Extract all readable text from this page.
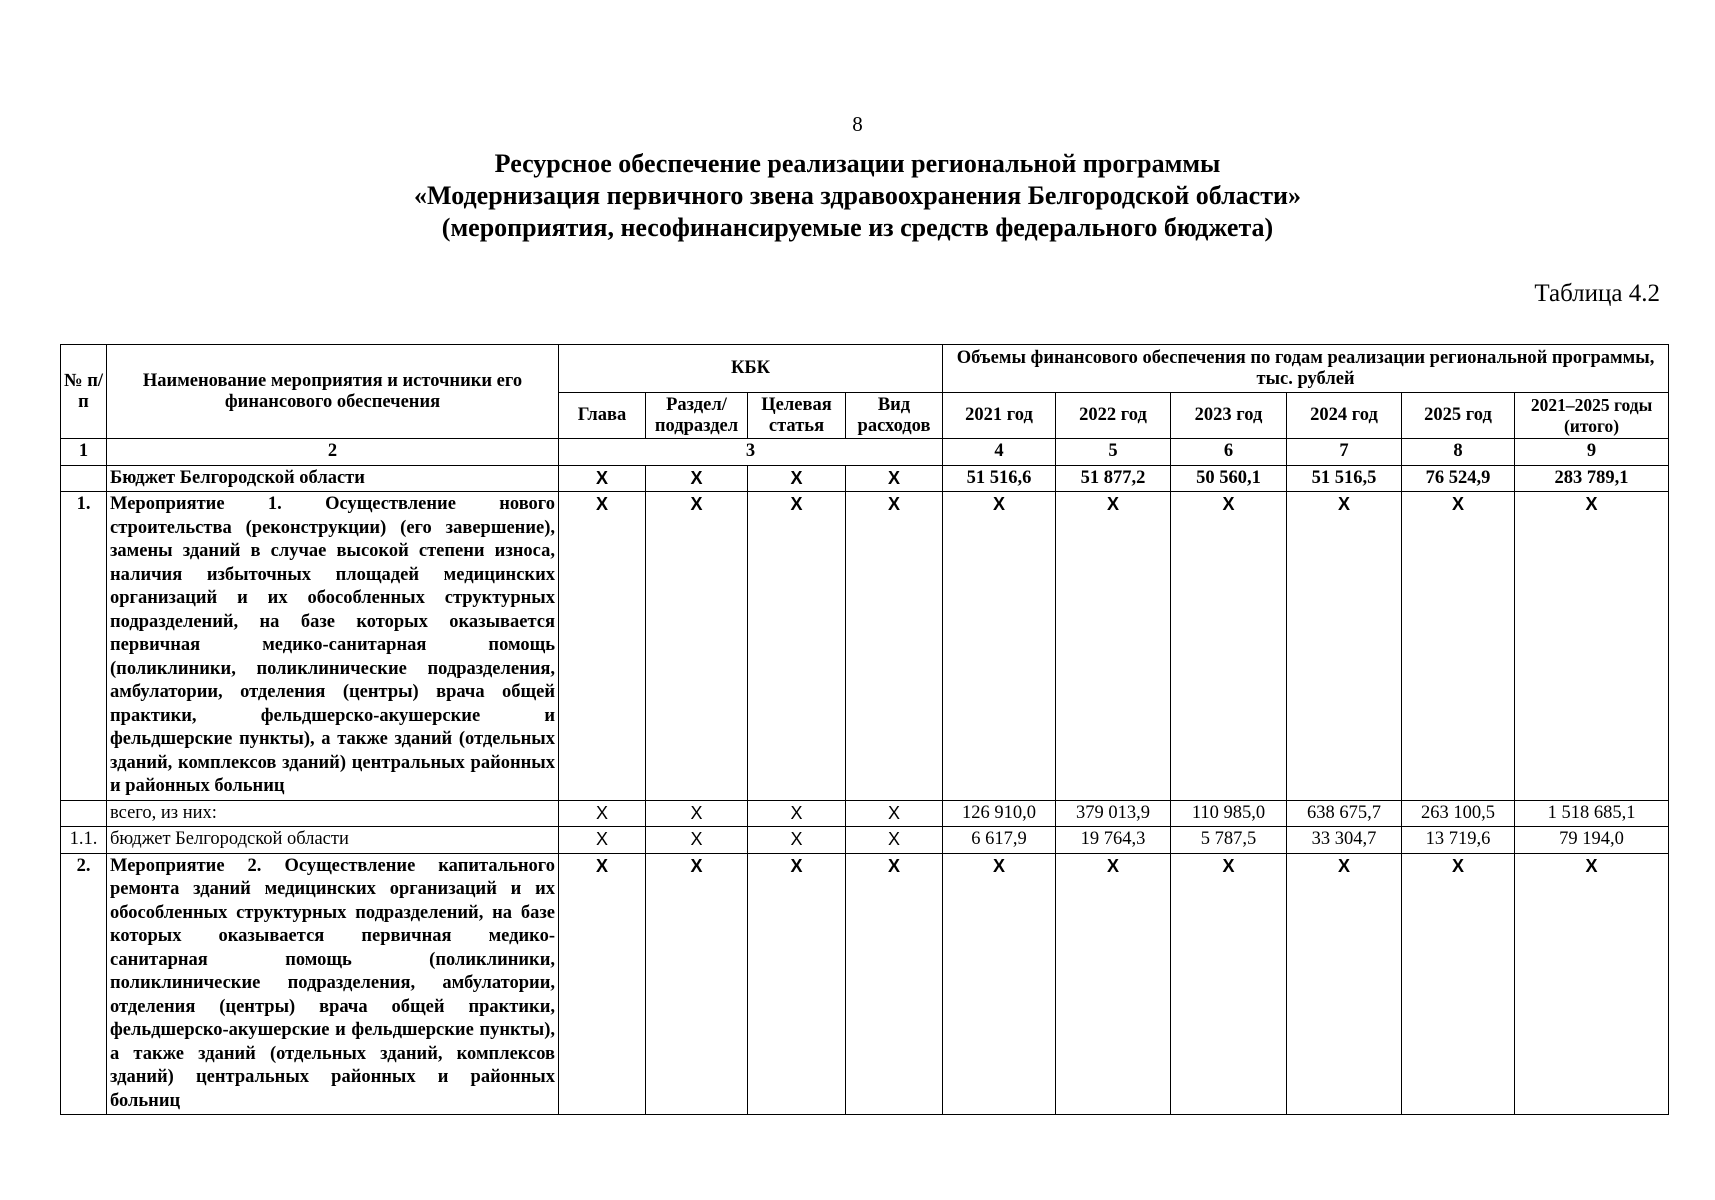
8
Ресурсное обеспечение реализации региональной программы
«Модернизация первичного звена здравоохранения Белгородской области»
(мероприятия, несофинансируемые из средств федерального бюджета)
Таблица 4.2
№ п/п	Наименование мероприятия и источники его финансового обеспечения	КБК				Объемы финансового обеспечения по годам реализации региональной программы, тыс. рублей					
		Глава	Раздел/ подраздел	Целевая статья	Вид расходов	2021 год	2022 год	2023 год	2024 год	2025 год	2021–2025 годы (итого)
1	2	3				4	5	6	7	8	9
	Бюджет Белгородской области	X	X	X	X	51 516,6	51 877,2	50 560,1	51 516,5	76 524,9	283 789,1
1.	Мероприятие 1. Осуществление нового строительства (реконструкции) (его завершение), замены зданий в случае высокой степени износа, наличия избыточных площадей медицинских организаций и их обособленных структурных подразделений, на базе которых оказывается первичная медико-санитарная помощь (поликлиники, поликлинические подразделения, амбулатории, отделения (центры) врача общей практики, фельдшерско-акушерские и фельдшерские пункты), а также зданий (отдельных зданий, комплексов зданий) центральных районных и районных больниц	X	X	X	X	X	X	X	X	X	X
	всего, из них:	X	X	X	X	126 910,0	379 013,9	110 985,0	638 675,7	263 100,5	1 518 685,1
1.1.	бюджет Белгородской области	X	X	X	X	6 617,9	19 764,3	5 787,5	33 304,7	13 719,6	79 194,0
2.	Мероприятие 2. Осуществление капитального ремонта зданий медицинских организаций и их обособленных структурных подразделений, на базе которых оказывается первичная медико-санитарная помощь (поликлиники, поликлинические подразделения, амбулатории, отделения (центры) врача общей практики, фельдшерско-акушерские и фельдшерские пункты), а также зданий (отдельных зданий, комплексов зданий) центральных районных и районных больниц	X	X	X	X	X	X	X	X	X	X
